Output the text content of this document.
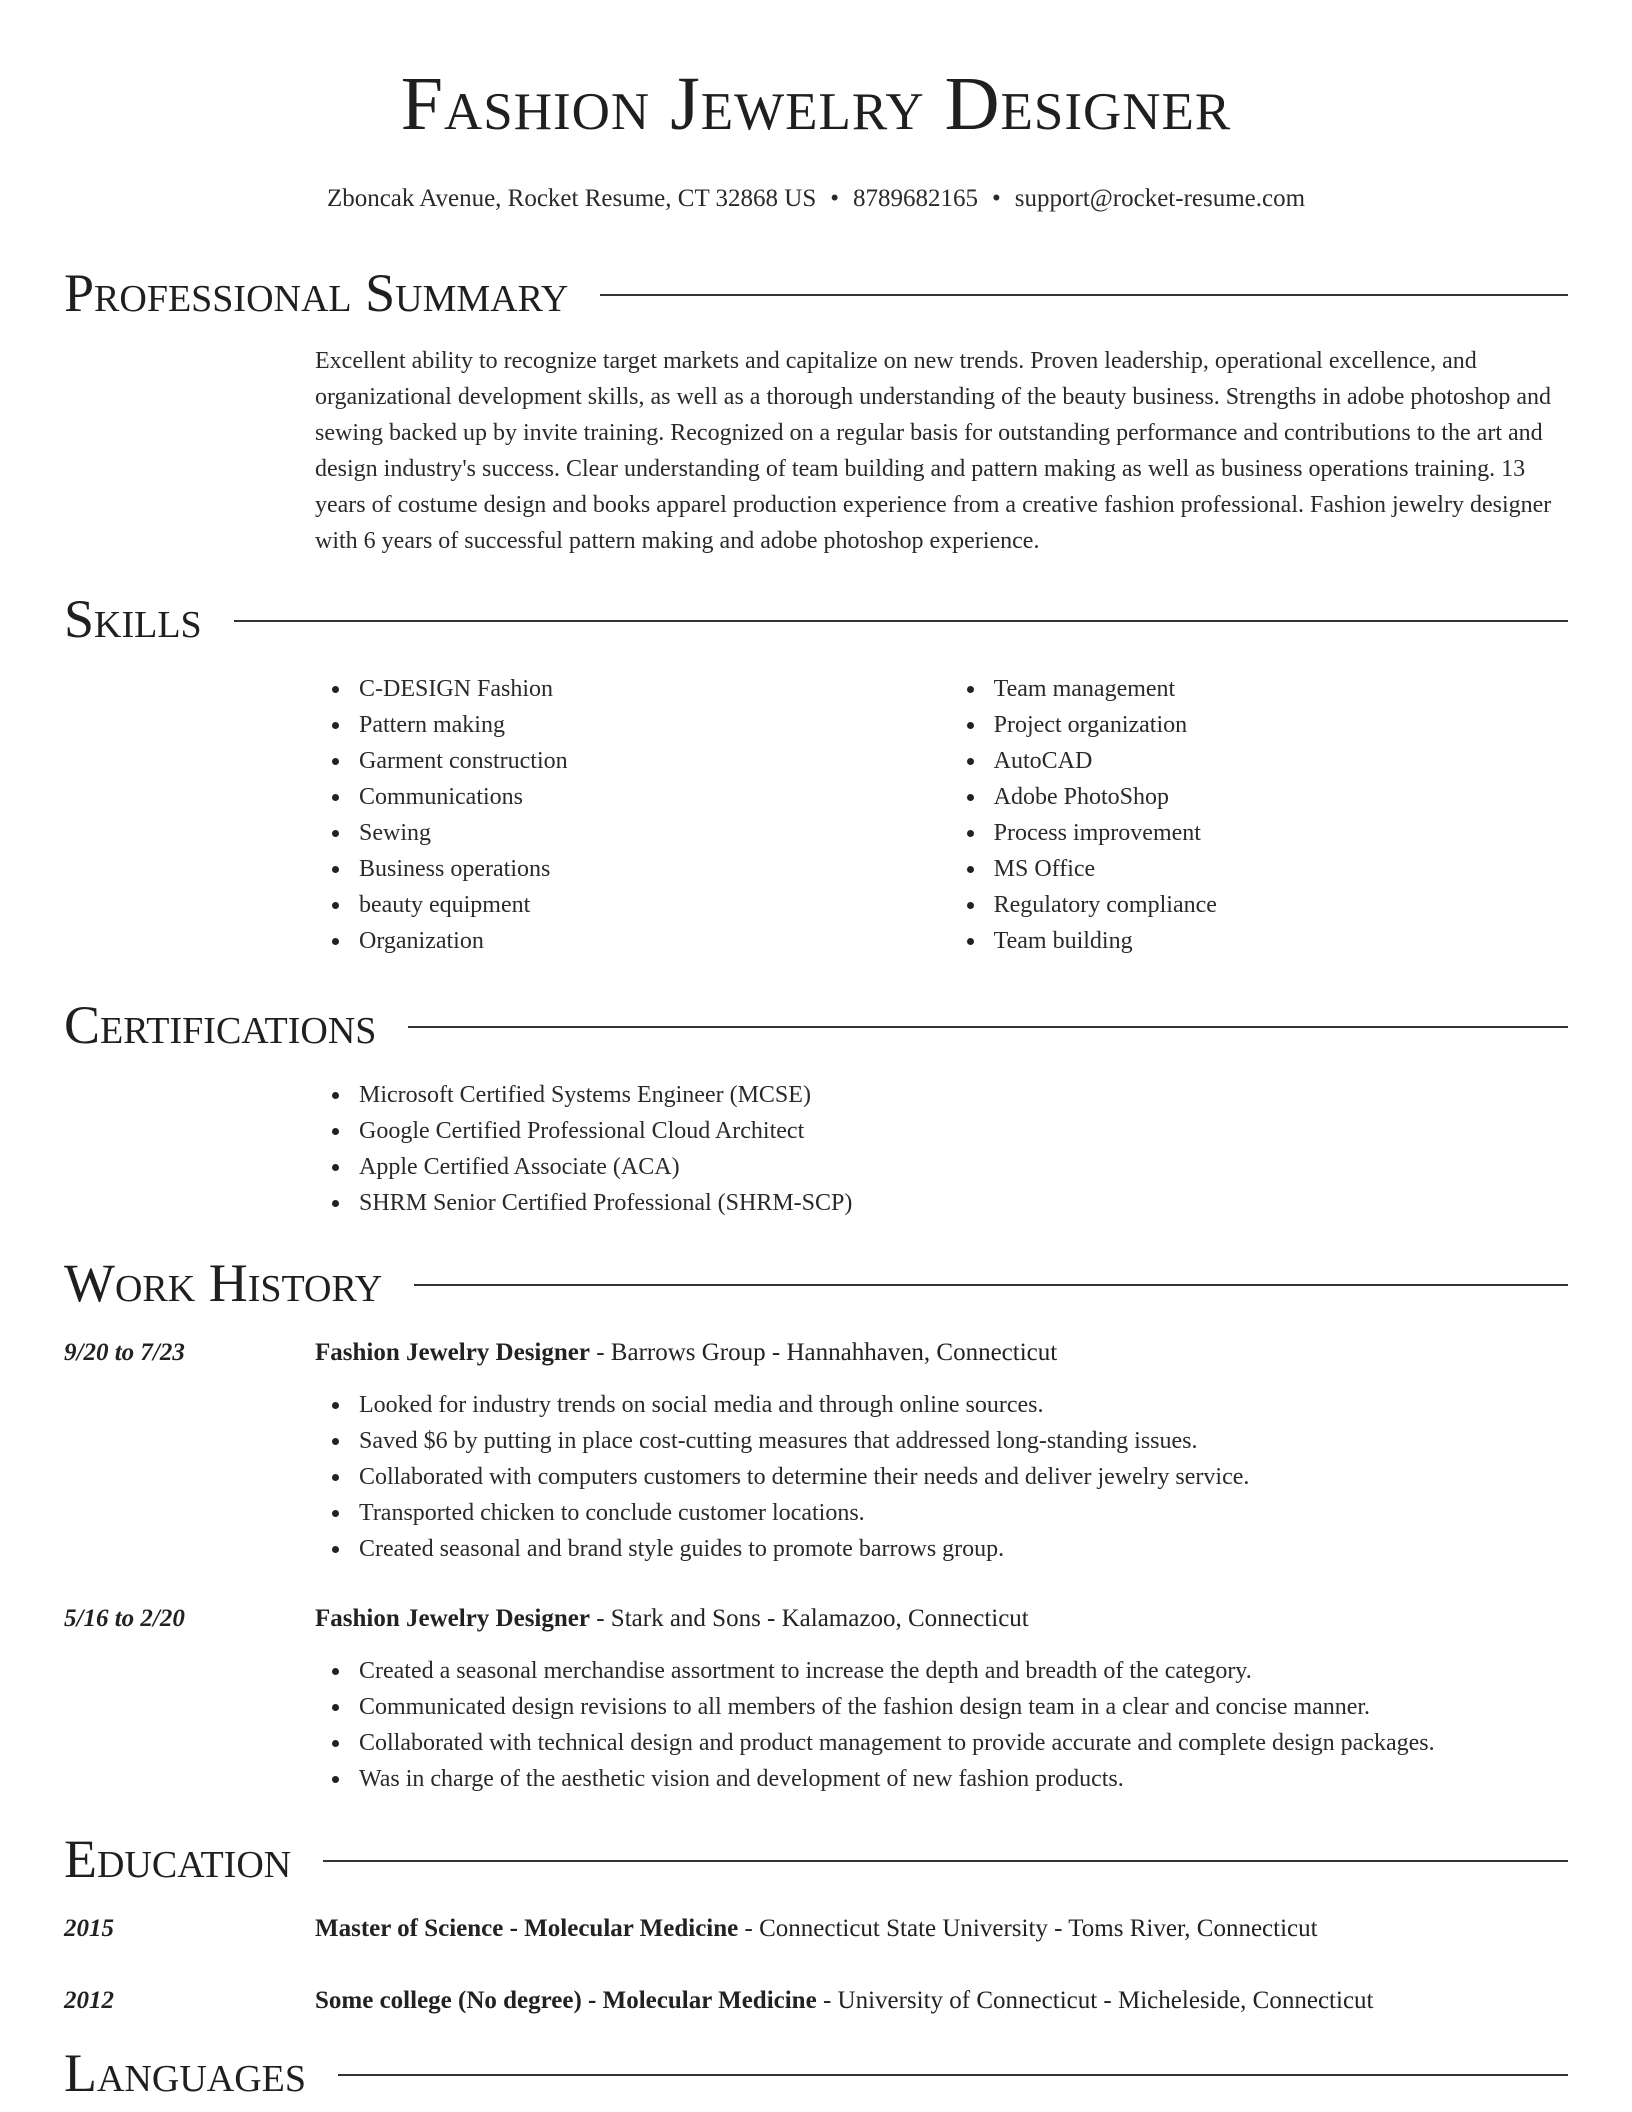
Fashion Jewelry Designer
Zboncak Avenue, Rocket Resume, CT 32868 US • 8789682165 • support@rocket-resume.com
Professional Summary

Excellent ability to recognize target markets and capitalize on new trends. Proven leadership, operational excellence, and organizational development skills, as well as a thorough understanding of the beauty business. Strengths in adobe photoshop and sewing backed up by invite training. Recognized on a regular basis for outstanding performance and contributions to the art and design industry's success. Clear understanding of team building and pattern making as well as business operations training. 13 years of costume design and books apparel production experience from a creative fashion professional. Fashion jewelry designer with 6 years of successful pattern making and adobe photoshop experience.

Skills
C-DESIGN Fashion
Pattern making
Garment construction
Communications
Sewing
Business operations
beauty equipment
Organization
Team management
Project organization
AutoCAD
Adobe PhotoShop
Process improvement
MS Office
Regulatory compliance
Team building
Certifications
Microsoft Certified Systems Engineer (MCSE)
Google Certified Professional Cloud Architect
Apple Certified Associate (ACA)
SHRM Senior Certified Professional (SHRM-SCP)
Work History
9/20 to 7/23	Fashion Jewelry Designer - Barrows Group - Hannahhaven, Connecticut
Looked for industry trends on social media and through online sources.
Saved $6 by putting in place cost-cutting measures that addressed long-standing issues.
Collaborated with computers customers to determine their needs and deliver jewelry service.
Transported chicken to conclude customer locations.
Created seasonal and brand style guides to promote barrows group.
5/16 to 2/20	Fashion Jewelry Designer - Stark and Sons - Kalamazoo, Connecticut
Created a seasonal merchandise assortment to increase the depth and breadth of the category.
Communicated design revisions to all members of the fashion design team in a clear and concise manner.
Collaborated with technical design and product management to provide accurate and complete design packages.
Was in charge of the aesthetic vision and development of new fashion products.
Education
2015	Master of Science - Molecular Medicine - Connecticut State University - Toms River, Connecticut
2012	Some college (No degree) - Molecular Medicine - University of Connecticut - Micheleside, Connecticut
Languages
